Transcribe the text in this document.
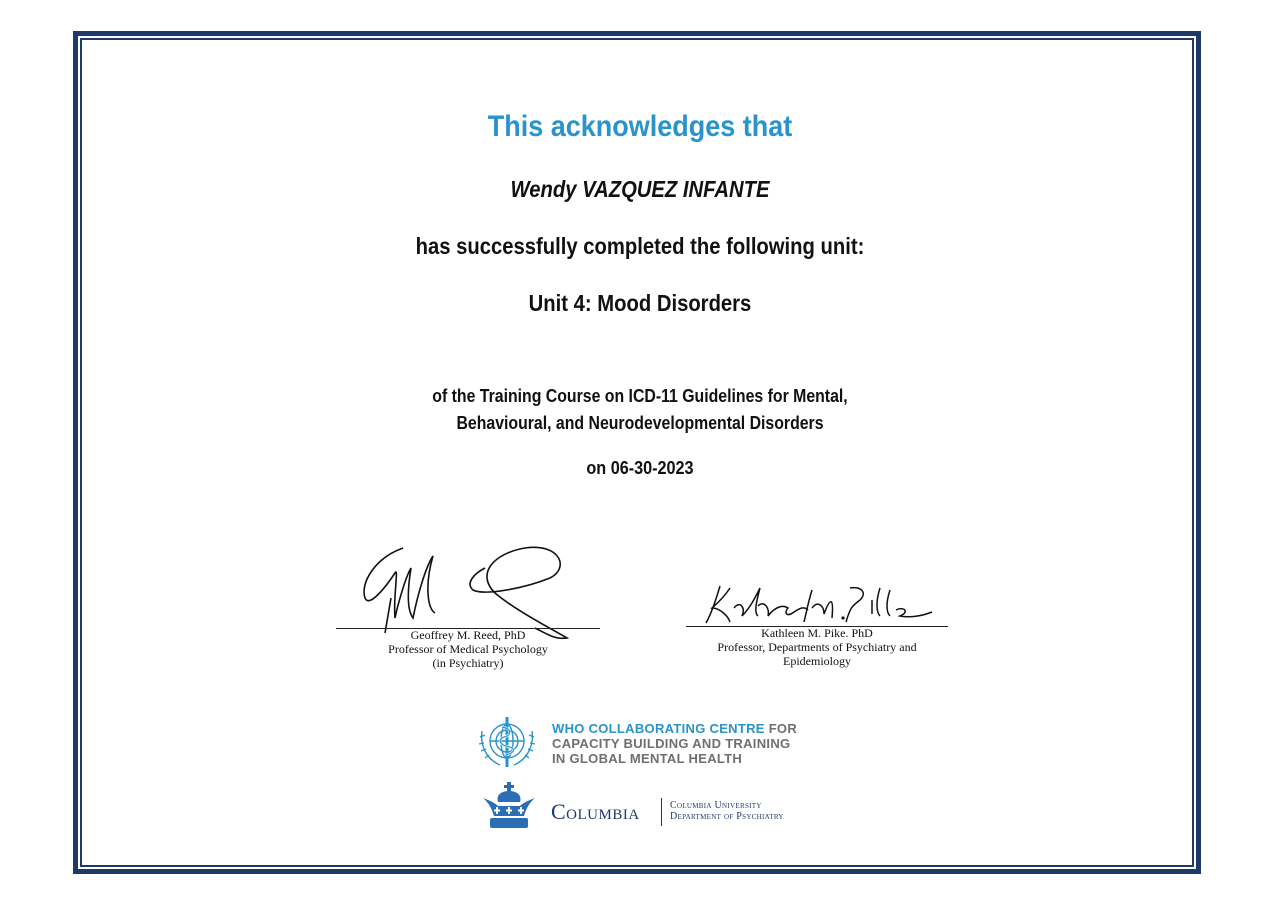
This acknowledges that
Wendy VAZQUEZ INFANTE
has successfully completed the following unit:
Unit 4: Mood Disorders
of the Training Course on ICD-11 Guidelines for Mental,
Behavioural, and Neurodevelopmental Disorders
on 06-30-2023
Geoffrey M. Reed, PhD
Professor of Medical Psychology
(in Psychiatry)
Kathleen M. Pike. PhD
Professor, Departments of Psychiatry and
Epidemiology
WHO COLLABORATING CENTRE FOR
CAPACITY BUILDING AND TRAINING
IN GLOBAL MENTAL HEALTH
Columbia	Columbia University
Department of Psychiatry
